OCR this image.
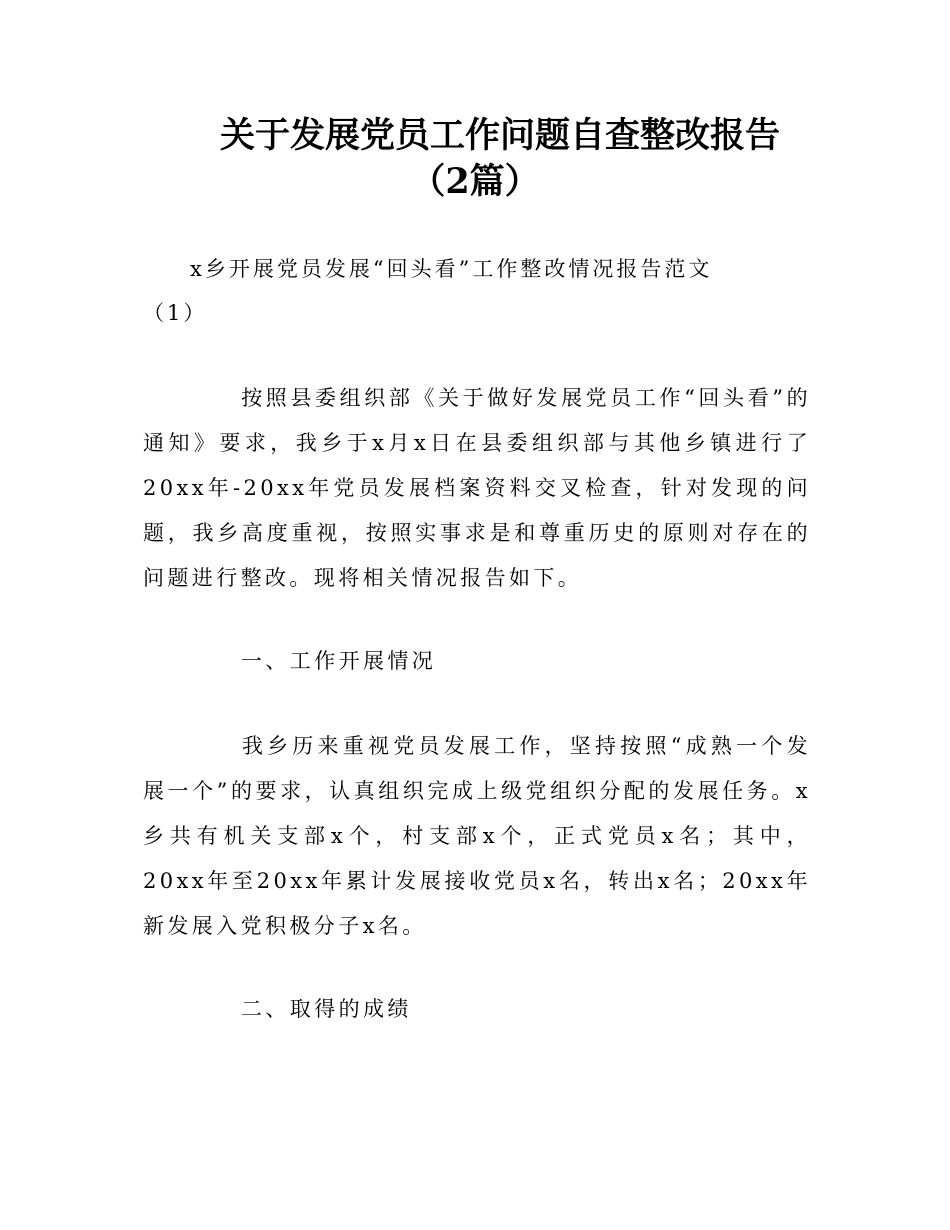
关于发展党员工作问题自查整改报告
（2篇）
x乡开展党员发展“回头看”工作整改情况报告范文
（1）
按照县委组织部《关于做好发展党员工作“回头看”的通知》要求，我乡于x月x日在县委组织部与其他乡镇进行了20xx年-20xx年党员发展档案资料交叉检查，针对发现的问题，我乡高度重视，按照实事求是和尊重历史的原则对存在的问题进行整改。现将相关情况报告如下。
一、工作开展情况
我乡历来重视党员发展工作，坚持按照“成熟一个发展一个”的要求，认真组织完成上级党组织分配的发展任务。x乡共有机关支部x个，村支部x个，正式党员x名；其中，20xx年至20xx年累计发展接收党员x名，转出x名；20xx年新发展入党积极分子x名。
二、取得的成绩
